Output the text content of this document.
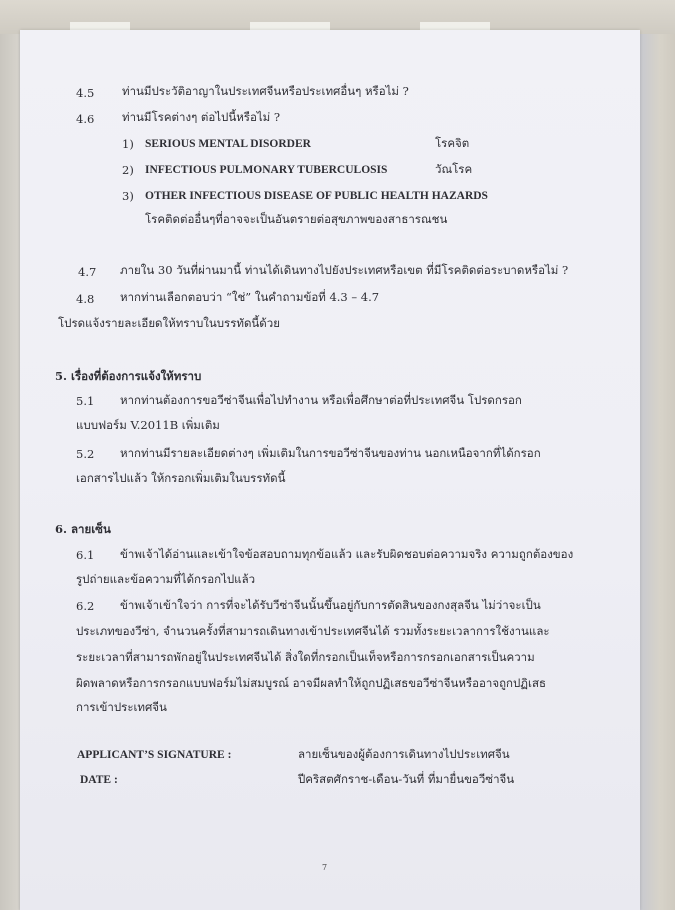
4.5 ท่านมีประวัติอาญาในประเทศจีนหรือประเทศอื่นๆ หรือไม่ ?
4.6 ท่านมีโรคต่างๆ ต่อไปนี้หรือไม่ ?
1) SERIOUS MENTAL DISORDER	โรคจิต
2) INFECTIOUS PULMONARY TUBERCULOSIS	วัณโรค
3) OTHER INFECTIOUS DISEASE OF PUBLIC HEALTH HAZARDS
โรคติดต่ออื่นๆที่อาจจะเป็นอันตรายต่อสุขภาพของสาธารณชน
4.7 ภายใน 30 วันที่ผ่านมานี้ ท่านได้เดินทางไปยังประเทศหรือเขต ที่มีโรคติดต่อระบาดหรือไม่ ?
4.8 หากท่านเลือกตอบว่า “ใช่” ในคำถามข้อที่ 4.3 – 4.7
โปรดแจ้งรายละเอียดให้ทราบในบรรทัดนี้ด้วย
5. เรื่องที่ต้องการแจ้งให้ทราบ
5.1 หากท่านต้องการขอวีซ่าจีนเพื่อไปทำงาน หรือเพื่อศึกษาต่อที่ประเทศจีน โปรดกรอก
แบบฟอร์ม V.2011B เพิ่มเติม
5.2 หากท่านมีรายละเอียดต่างๆ เพิ่มเติมในการขอวีซ่าจีนของท่าน นอกเหนือจากที่ได้กรอก
เอกสารไปแล้ว ให้กรอกเพิ่มเติมในบรรทัดนี้
6. ลายเซ็น
6.1 ข้าพเจ้าได้อ่านและเข้าใจข้อสอบถามทุกข้อแล้ว และรับผิดชอบต่อความจริง ความถูกต้องของ
รูปถ่ายและข้อความที่ได้กรอกไปแล้ว
6.2 ข้าพเจ้าเข้าใจว่า การที่จะได้รับวีซ่าจีนนั้นขึ้นอยู่กับการตัดสินของกงสุลจีน ไม่ว่าจะเป็น
ประเภทของวีซ่า, จำนวนครั้งที่สามารถเดินทางเข้าประเทศจีนได้ รวมทั้งระยะเวลาการใช้งานและ
ระยะเวลาที่สามารถพักอยู่ในประเทศจีนได้ สิ่งใดที่กรอกเป็นเท็จหรือการกรอกเอกสารเป็นความ
ผิดพลาดหรือการกรอกแบบฟอร์มไม่สมบูรณ์ อาจมีผลทำให้ถูกปฏิเสธขอวีซ่าจีนหรืออาจถูกปฏิเสธ
การเข้าประเทศจีน
APPLICANT’S SIGNATURE :	ลายเซ็นของผู้ต้องการเดินทางไปประเทศจีน
DATE :	ปีคริสตศักราช-เดือน-วันที่ ที่มายื่นขอวีซ่าจีน
7
